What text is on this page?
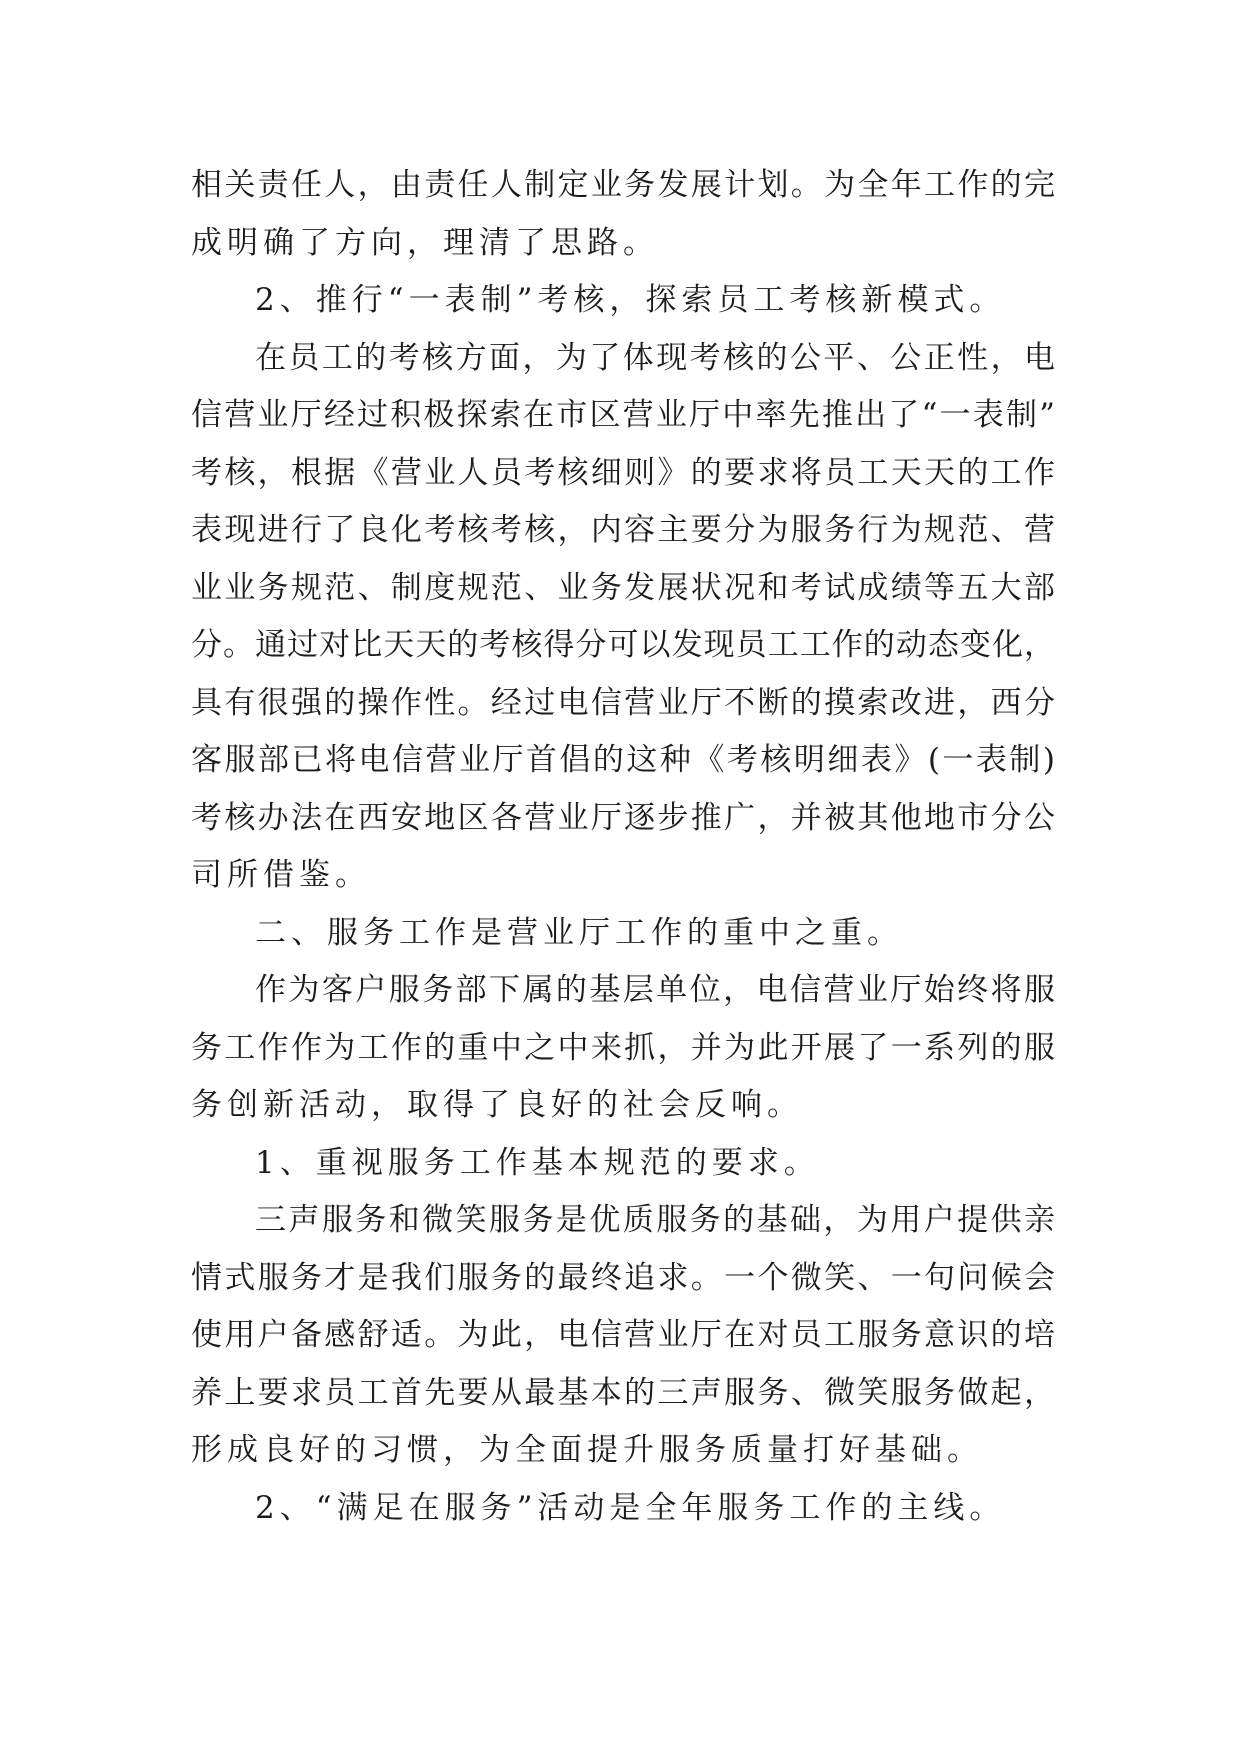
相关责任人，由责任人制定业务发展计划。为全年工作的完
成明确了方向，理清了思路。
2、推行“一表制”考核，探索员工考核新模式。
在员工的考核方面，为了体现考核的公平、公正性，电
信营业厅经过积极探索在市区营业厅中率先推出了“一表制”
考核，根据《营业人员考核细则》的要求将员工天天的工作
表现进行了良化考核考核，内容主要分为服务行为规范、营
业业务规范、制度规范、业务发展状况和考试成绩等五大部
分。通过对比天天的考核得分可以发现员工工作的动态变化，
具有很强的操作性。经过电信营业厅不断的摸索改进，西分
客服部已将电信营业厅首倡的这种《考核明细表》(一表制)
考核办法在西安地区各营业厅逐步推广，并被其他地市分公
司所借鉴。
二、服务工作是营业厅工作的重中之重。
作为客户服务部下属的基层单位，电信营业厅始终将服
务工作作为工作的重中之中来抓，并为此开展了一系列的服
务创新活动，取得了良好的社会反响。
1、重视服务工作基本规范的要求。
三声服务和微笑服务是优质服务的基础，为用户提供亲
情式服务才是我们服务的最终追求。一个微笑、一句问候会
使用户备感舒适。为此，电信营业厅在对员工服务意识的培
养上要求员工首先要从最基本的三声服务、微笑服务做起，
形成良好的习惯，为全面提升服务质量打好基础。
2、“满足在服务”活动是全年服务工作的主线。
